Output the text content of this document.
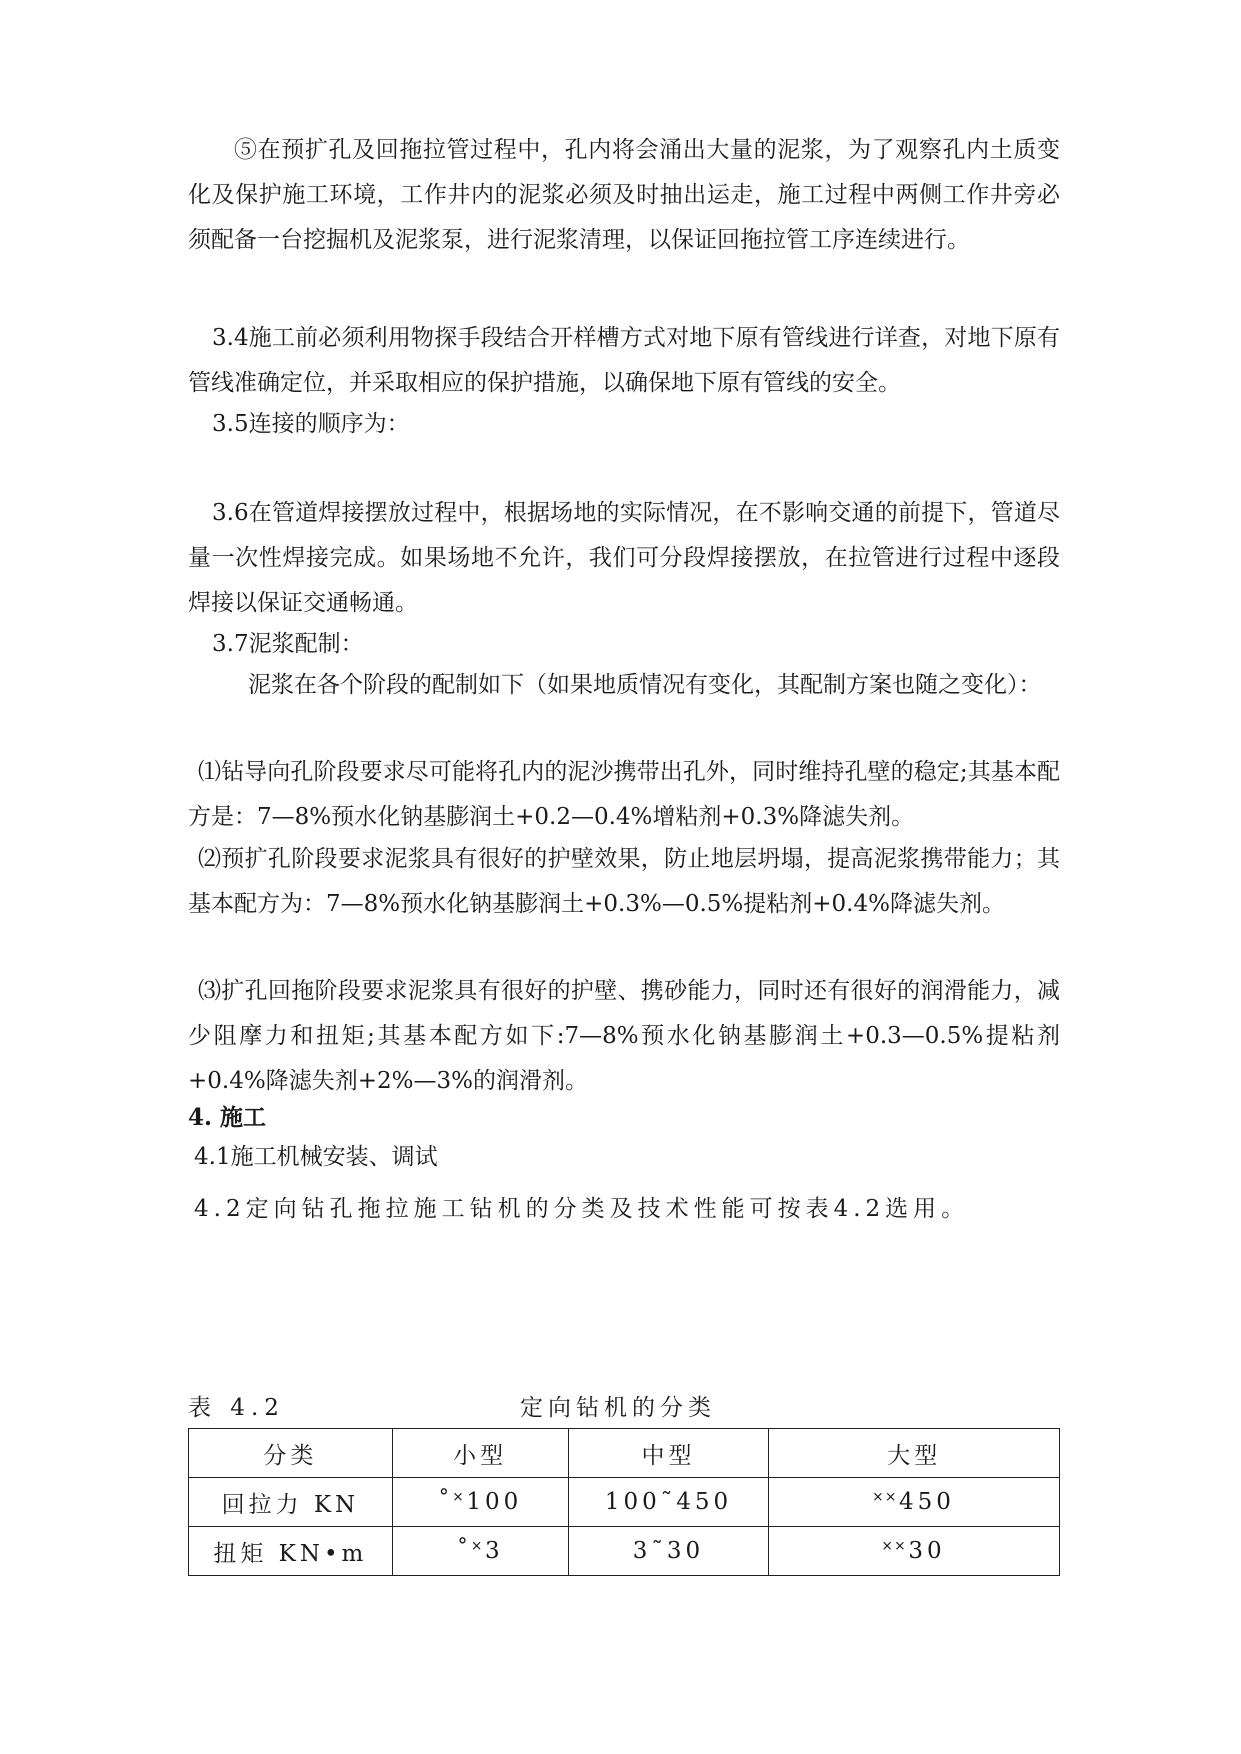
⑤在预扩孔及回拖拉管过程中，孔内将会涌出大量的泥浆，为了观察孔内土质变化及保护施工环境，工作井内的泥浆必须及时抽出运走，施工过程中两侧工作井旁必须配备一台挖掘机及泥浆泵，进行泥浆清理，以保证回拖拉管工序连续进行。

3.4施工前必须利用物探手段结合开样槽方式对地下原有管线进行详查，对地下原有管线准确定位，并采取相应的保护措施，以确保地下原有管线的安全。

3.5连接的顺序为：

3.6在管道焊接摆放过程中，根据场地的实际情况，在不影响交通的前提下，管道尽量一次性焊接完成。如果场地不允许，我们可分段焊接摆放，在拉管进行过程中逐段焊接以保证交通畅通。

3.7泥浆配制：

泥浆在各个阶段的配制如下（如果地质情况有变化，其配制方案也随之变化）：

⑴钻导向孔阶段要求尽可能将孔内的泥沙携带出孔外，同时维持孔壁的稳定;其基本配方是：7—8%预水化钠基膨润土+0.2—0.4%增粘剂+0.3%降滤失剂。

⑵预扩孔阶段要求泥浆具有很好的护壁效果，防止地层坍塌，提高泥浆携带能力；其基本配方为：7—8%预水化钠基膨润土+0.3%—0.5%提粘剂+0.4%降滤失剂。

⑶扩孔回拖阶段要求泥浆具有很好的护壁、携砂能力，同时还有很好的润滑能力，减少阻摩力和扭矩;其基本配方如下:7—8%预水化钠基膨润土+0.3—0.5%提粘剂+0.4%降滤失剂+2%—3%的润滑剂。

4. 施工

4.1施工机械安装、调试

4.2定向钻孔拖拉施工钻机的分类及技术性能可按表4.2选用。

表 4.2	定向钻机的分类
分类	小型	中型	大型
回拉力 KN	˚˟100	100˜450	˟˟450
扭矩 KN•m	˚˟3	3˜30	˟˟30
